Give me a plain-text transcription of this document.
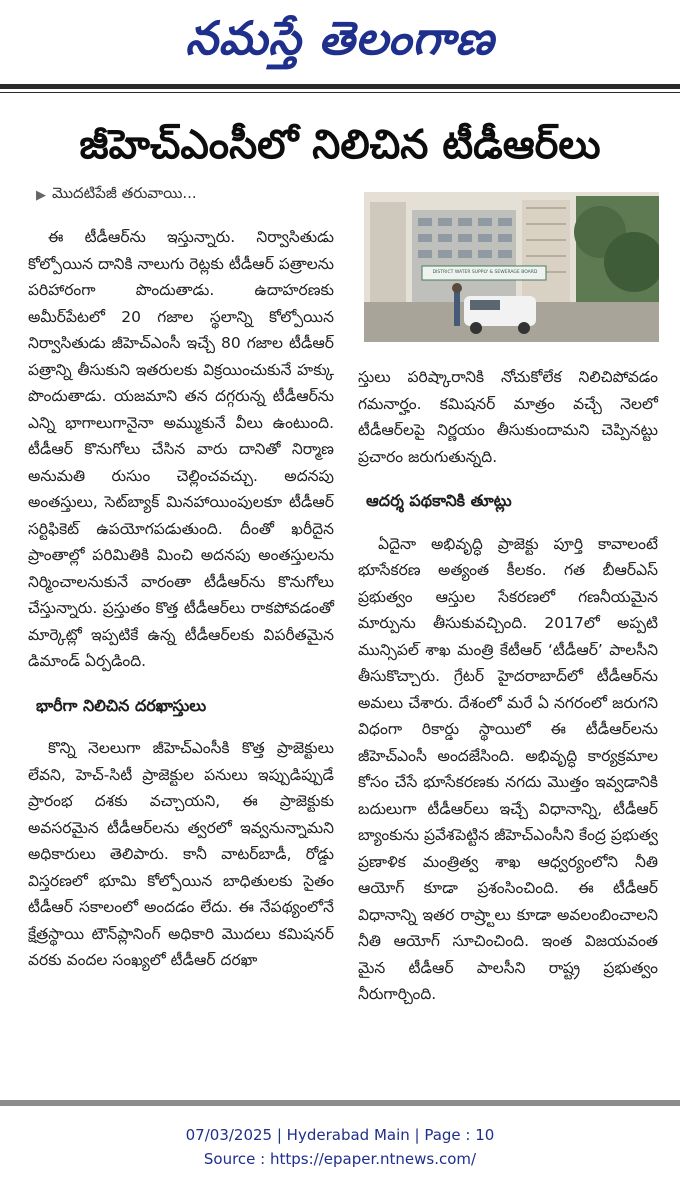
నమస్తే తెలంగాణ
జీహెచ్ఎంసీలో నిలిచిన టీడీఆర్‌లు
▶ మొదటిపేజీ తరువాయి...

ఈ టీడీఆర్‌ను ఇస్తున్నారు. నిర్వాసితుడు కోల్పోయిన దానికి నాలుగు రెట్లకు టీడీఆర్ పత్రాలను పరిహారంగా పొందుతాడు. ఉదాహరణకు అమీర్‌పేటలో 20 గజాల స్థలాన్ని కోల్పోయిన నిర్వాసితుడు జీహెచ్ఎంసీ ఇచ్చే 80 గజాల టీడీఆర్ పత్రాన్ని తీసుకుని ఇతరులకు విక్రయించుకునే హక్కు పొందుతాడు. యజమాని తన దగ్గరున్న టీడీఆర్‌ను ఎన్ని భాగాలుగానైనా అమ్ముకునే వీలు ఉంటుంది. టీడీఆర్ కొనుగోలు చేసిన వారు దానితో నిర్మాణ అనుమతి రుసుం చెల్లించవచ్చు. అదనపు అంతస్తులు, సెట్‌బ్యాక్ మినహాయింపులకూ టీడీఆర్ సర్టిఫికెట్ ఉపయోగపడుతుంది. దీంతో ఖరీదైన ప్రాంతాల్లో పరిమితికి మించి అదనపు అంతస్తులను నిర్మించాలనుకునే వారంతా టీడీఆర్‌ను కొనుగోలు చేస్తున్నారు. ప్రస్తుతం కొత్త టీడీఆర్‌లు రాకపోవడంతో మార్కెట్లో ఇప్పటికే ఉన్న టీడీఆర్‌లకు విపరీతమైన డిమాండ్ ఏర్పడింది.

భారీగా నిలిచిన దరఖాస్తులు

కొన్ని నెలలుగా జీహెచ్ఎంసీకి కొత్త ప్రాజెక్టులు లేవని, హెచ్-సిటీ ప్రాజెక్టుల పనులు ఇప్పుడిప్పుడే ప్రారంభ దశకు వచ్చాయని, ఈ ప్రాజెక్టుకు అవసరమైన టీడీఆర్‌లను త్వరలో ఇవ్వనున్నామని అధికారులు తెలిపారు. కానీ వాటర్‌బాడీ, రోడ్డు విస్తరణలో భూమి కోల్పోయిన బాధితులకు సైతం టీడీఆర్ సకాలంలో అందడం లేదు. ఈ నేపథ్యంలోనే క్షేత్రస్థాయి టౌన్‌ప్లానింగ్ అధికారి మొదలు కమిషనర్ వరకు వందల సంఖ్యలో టీడీఆర్ దరఖా

DISTRICT WATER SUPPLY & SEWERAGE BOARD

స్తులు పరిష్కారానికి నోచుకోలేక నిలిచిపోవడం గమనార్హం. కమిషనర్ మాత్రం వచ్చే నెలలో టీడీఆర్‌లపై నిర్ణయం తీసుకుందామని చెప్పినట్టు ప్రచారం జరుగుతున్నది.

ఆదర్శ పథకానికి తూట్లు

ఏదైనా అభివృద్ధి ప్రాజెక్టు పూర్తి కావాలంటే భూసేకరణ అత్యంత కీలకం. గత బీఆర్ఎస్ ప్రభుత్వం ఆస్తుల సేకరణలో గణనీయమైన మార్పును తీసుకువచ్చింది. 2017లో అప్పటి మున్సిపల్ శాఖ మంత్రి కేటీఆర్ ‘టీడీఆర్’ పాలసీని తీసుకొచ్చారు. గ్రేటర్ హైదరాబాద్‌లో టీడీఆర్‌ను అమలు చేశారు. దేశంలో మరే ఏ నగరంలో జరుగని విధంగా రికార్డు స్థాయిలో ఈ టీడీఆర్‌లను జీహెచ్ఎంసీ అందజేసింది. అభివృద్ధి కార్యక్రమాల కోసం చేసే భూసేకరణకు నగదు మొత్తం ఇవ్వడానికి బదులుగా టీడీఆర్‌లు ఇచ్చే విధానాన్ని, టీడీఆర్ బ్యాంకును ప్రవేశపెట్టిన జీహెచ్ఎంసీని కేంద్ర ప్రభుత్వ ప్రణాళిక మంత్రిత్వ శాఖ ఆధ్వర్యంలోని నీతి ఆయోగ్ కూడా ప్రశంసించింది. ఈ టీడీఆర్ విధానాన్ని ఇతర రాష్ర్టాలు కూడా అవలంబించాలని నీతి ఆయోగ్ సూచించింది. ఇంత విజయవంత మైన టీడీఆర్ పాలసీని రాష్ట్ర ప్రభుత్వం నీరుగార్చింది.

07/03/2025 | Hyderabad Main | Page : 10
Source : https://epaper.ntnews.com/
